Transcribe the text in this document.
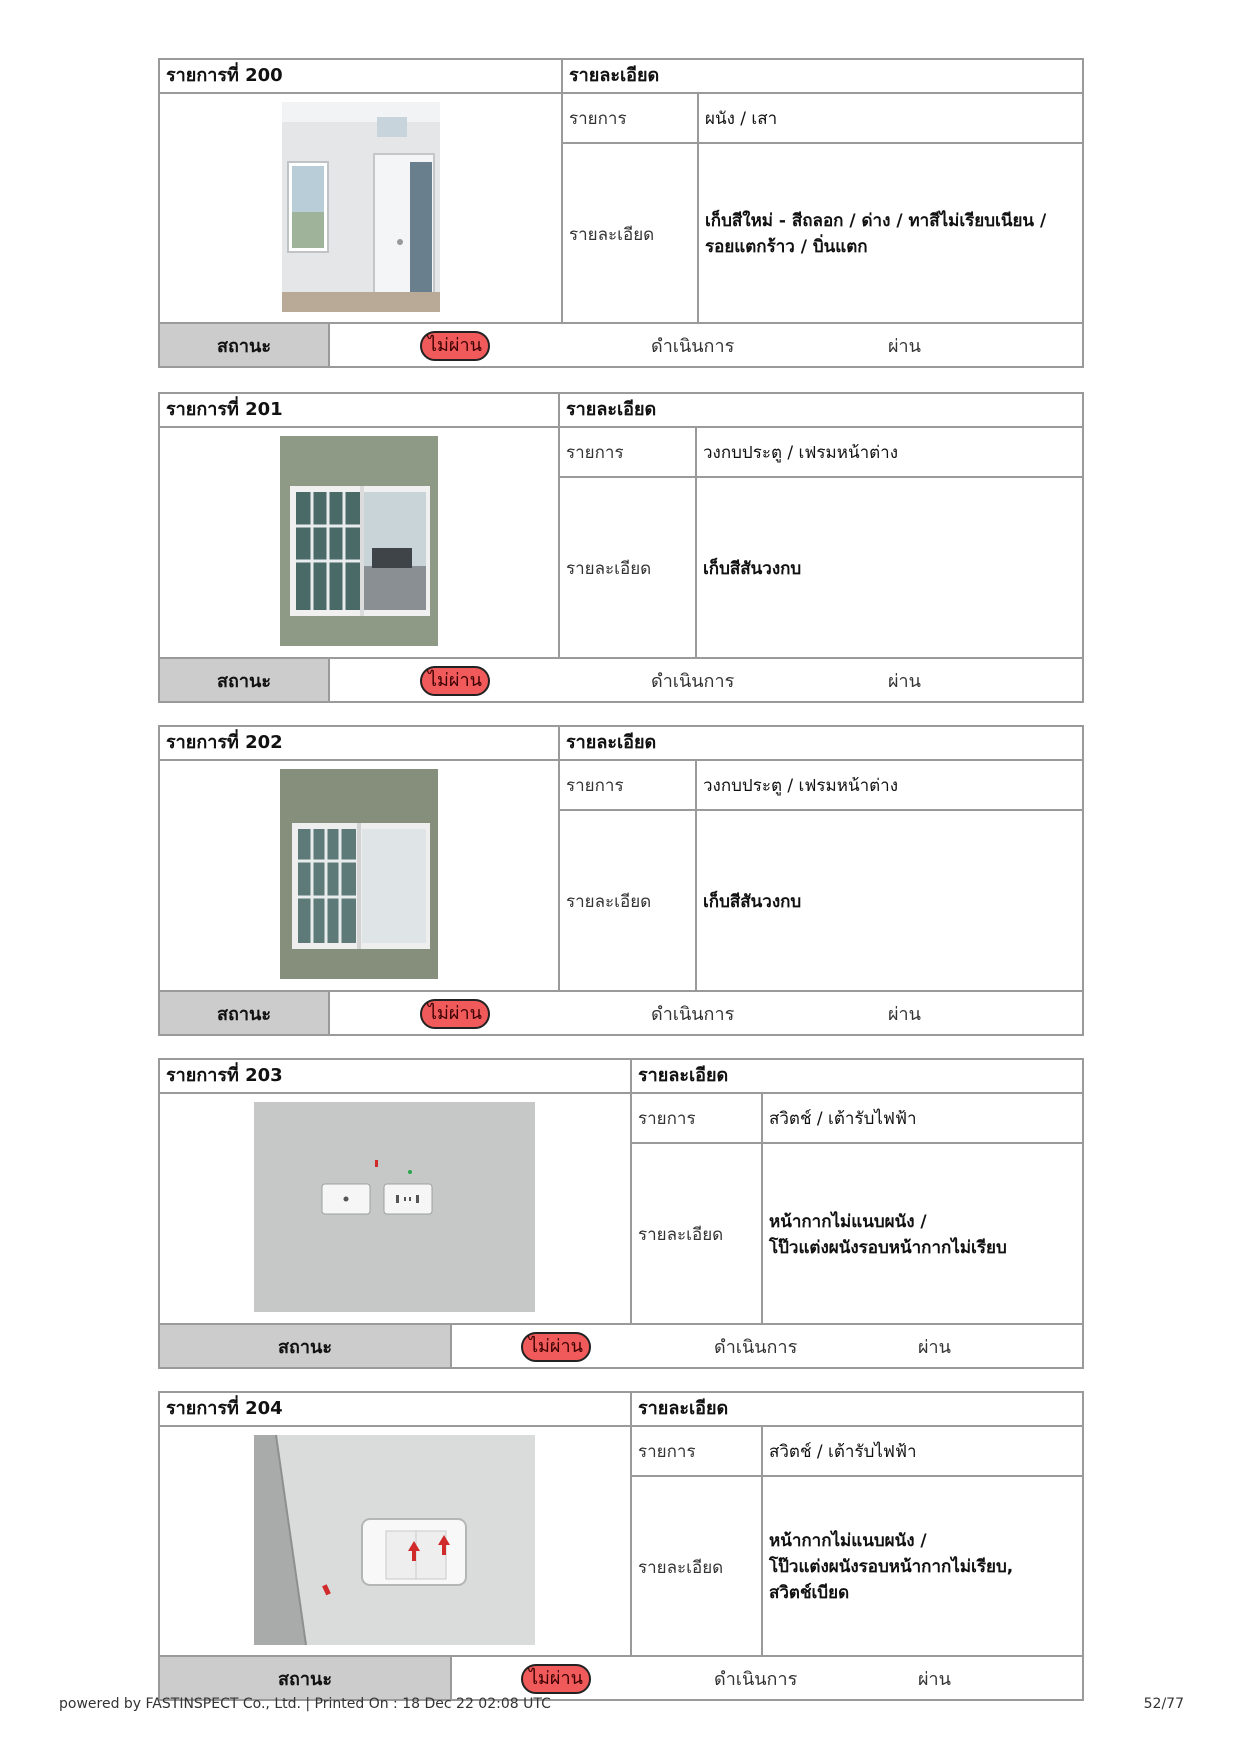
รายการที่ 200	รายละเอียด
รายการ	ผนัง / เสา
รายละเอียด
เก็บสีใหม่ - สีถลอก / ด่าง / ทาสีไม่เรียบเนียน /
รอยแตกร้าว / บิ่นแตก
สถานะ	ไม่ผ่าน	ดำเนินการ	ผ่าน
รายการที่ 201	รายละเอียด
รายการ	วงกบประตู / เฟรมหน้าต่าง
รายละเอียด	เก็บสีสันวงกบ
สถานะ	ไม่ผ่าน	ดำเนินการ	ผ่าน
รายการที่ 202	รายละเอียด
รายการ	วงกบประตู / เฟรมหน้าต่าง
รายละเอียด	เก็บสีสันวงกบ
สถานะ	ไม่ผ่าน	ดำเนินการ	ผ่าน
รายการที่ 203	รายละเอียด
รายการ	สวิตช์ / เต้ารับไฟฟ้า
รายละเอียด
หน้ากากไม่แนบผนัง /
โป๊วแต่งผนังรอบหน้ากากไม่เรียบ
สถานะ	ไม่ผ่าน	ดำเนินการ	ผ่าน
รายการที่ 204	รายละเอียด
รายการ	สวิตช์ / เต้ารับไฟฟ้า
รายละเอียด
หน้ากากไม่แนบผนัง /
โป๊วแต่งผนังรอบหน้ากากไม่เรียบ,
สวิตช์เบียด
สถานะ	ไม่ผ่าน	ดำเนินการ	ผ่าน
powered by FASTINSPECT Co., Ltd. | Printed On : 18 Dec 22 02:08 UTC	52/77
